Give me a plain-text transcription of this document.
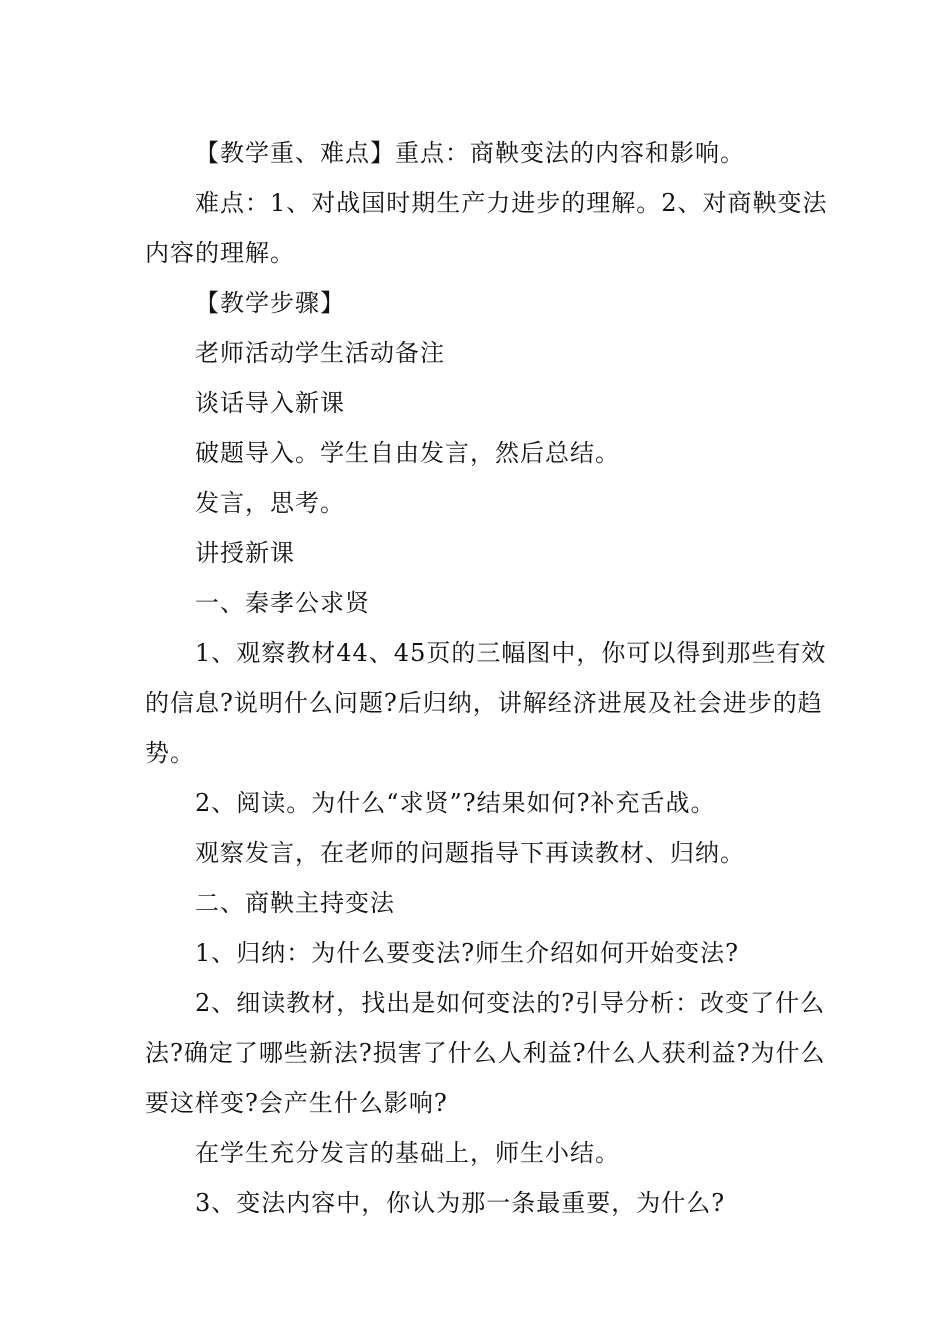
【教学重、难点】重点：商鞅变法的内容和影响。

难点：1、对战国时期生产力进步的理解。2、对商鞅变法内容的理解。

【教学步骤】

老师活动学生活动备注

谈话导入新课

破题导入。学生自由发言，然后总结。

发言，思考。

讲授新课

一、秦孝公求贤

1、观察教材44、45页的三幅图中，你可以得到那些有效的信息?说明什么问题?后归纳，讲解经济进展及社会进步的趋势。

2、阅读。为什么“求贤”?结果如何?补充舌战。

观察发言，在老师的问题指导下再读教材、归纳。

二、商鞅主持变法

1、归纳：为什么要变法?师生介绍如何开始变法?

2、细读教材，找出是如何变法的?引导分析：改变了什么法?确定了哪些新法?损害了什么人利益?什么人获利益?为什么要这样变?会产生什么影响?

在学生充分发言的基础上，师生小结。

3、变法内容中，你认为那一条最重要，为什么?
